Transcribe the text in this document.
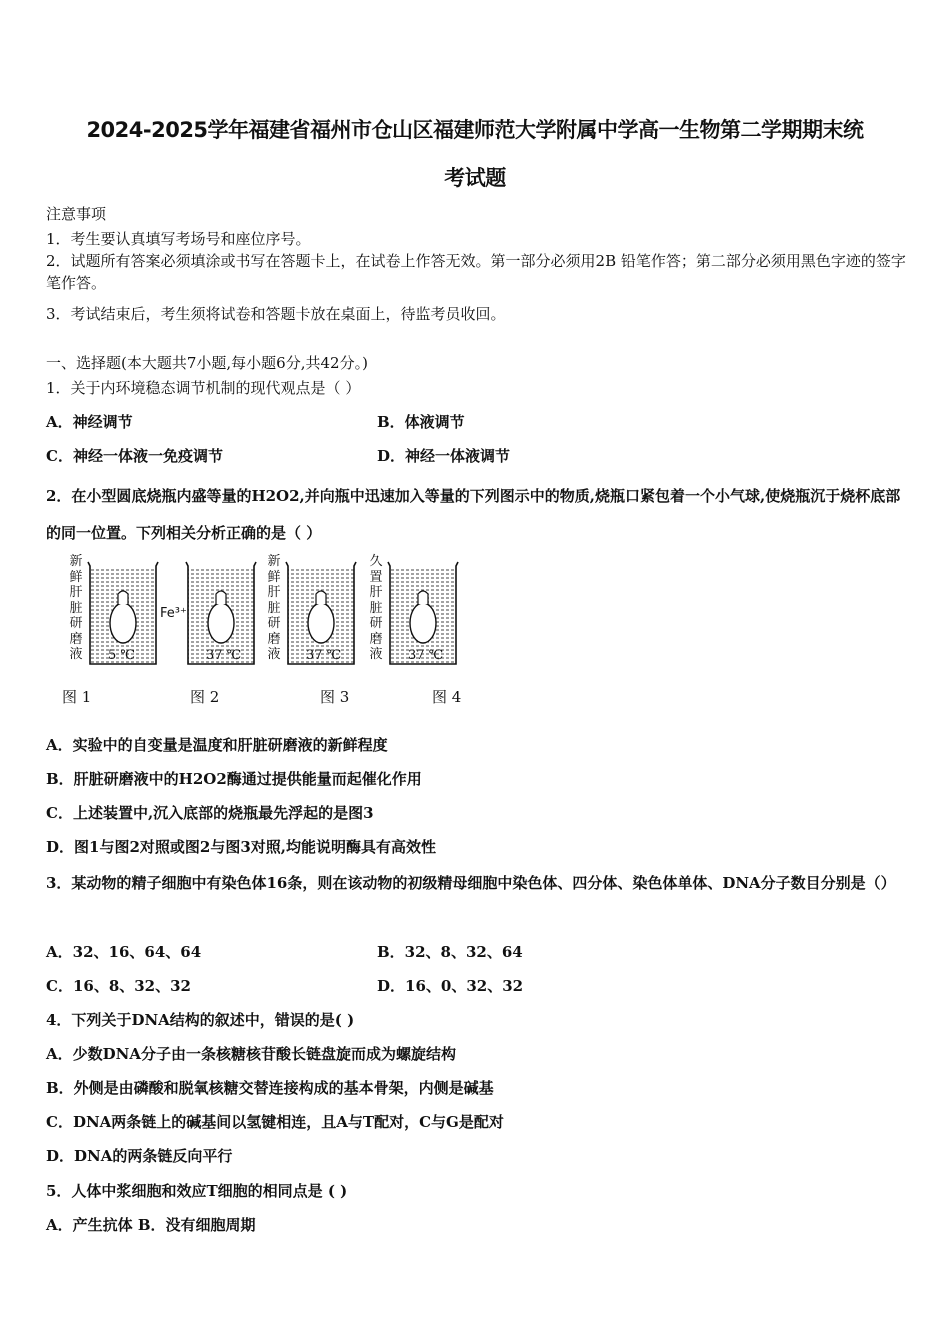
2024-2025学年福建省福州市仓山区福建师范大学附属中学高一生物第二学期期末统
考试题
注意事项
1．考生要认真填写考场号和座位序号。
2．试题所有答案必须填涂或书写在答题卡上，在试卷上作答无效。第一部分必须用2B 铅笔作答；第二部分必须用黑色字迹的签字笔作答。
3．考试结束后，考生须将试卷和答题卡放在桌面上，待监考员收回。
一、选择题(本大题共7小题,每小题6分,共42分。)
1．关于内环境稳态调节机制的现代观点是（ ）
A．神经调节	B．体液调节
C．神经一体液一免疫调节	D．神经一体液调节
2．在小型圆底烧瓶内盛等量的H2O2,并向瓶中迅速加入等量的下列图示中的物质,烧瓶口紧包着一个小气球,使烧瓶沉于烧杯底部的同一位置。下列相关分析正确的是（ ）
新鲜肝脏研磨液
Fe³⁺
新鲜肝脏研磨液
久置肝脏研磨液
5 ℃	37 ℃	37 ℃	37 ℃
图 1	图 2	图 3	图 4
A．实验中的自变量是温度和肝脏研磨液的新鲜程度
B．肝脏研磨液中的H2O2酶通过提供能量而起催化作用
C．上述装置中,沉入底部的烧瓶最先浮起的是图3
D．图1与图2对照或图2与图3对照,均能说明酶具有高效性
3．某动物的精子细胞中有染色体16条，则在该动物的初级精母细胞中染色体、四分体、染色体单体、DNA分子数目分别是（）
A．32、16、64、64	B．32、8、32、64
C．16、8、32、32	D．16、0、32、32
4．下列关于DNA结构的叙述中，错误的是( )
A．少数DNA分子由一条核糖核苷酸长链盘旋而成为螺旋结构
B．外侧是由磷酸和脱氧核糖交替连接构成的基本骨架，内侧是碱基
C．DNA两条链上的碱基间以氢键相连，且A与T配对，C与G是配对
D．DNA的两条链反向平行
5．人体中浆细胞和效应T细胞的相同点是 ( )
A．产生抗体 B．没有细胞周期
